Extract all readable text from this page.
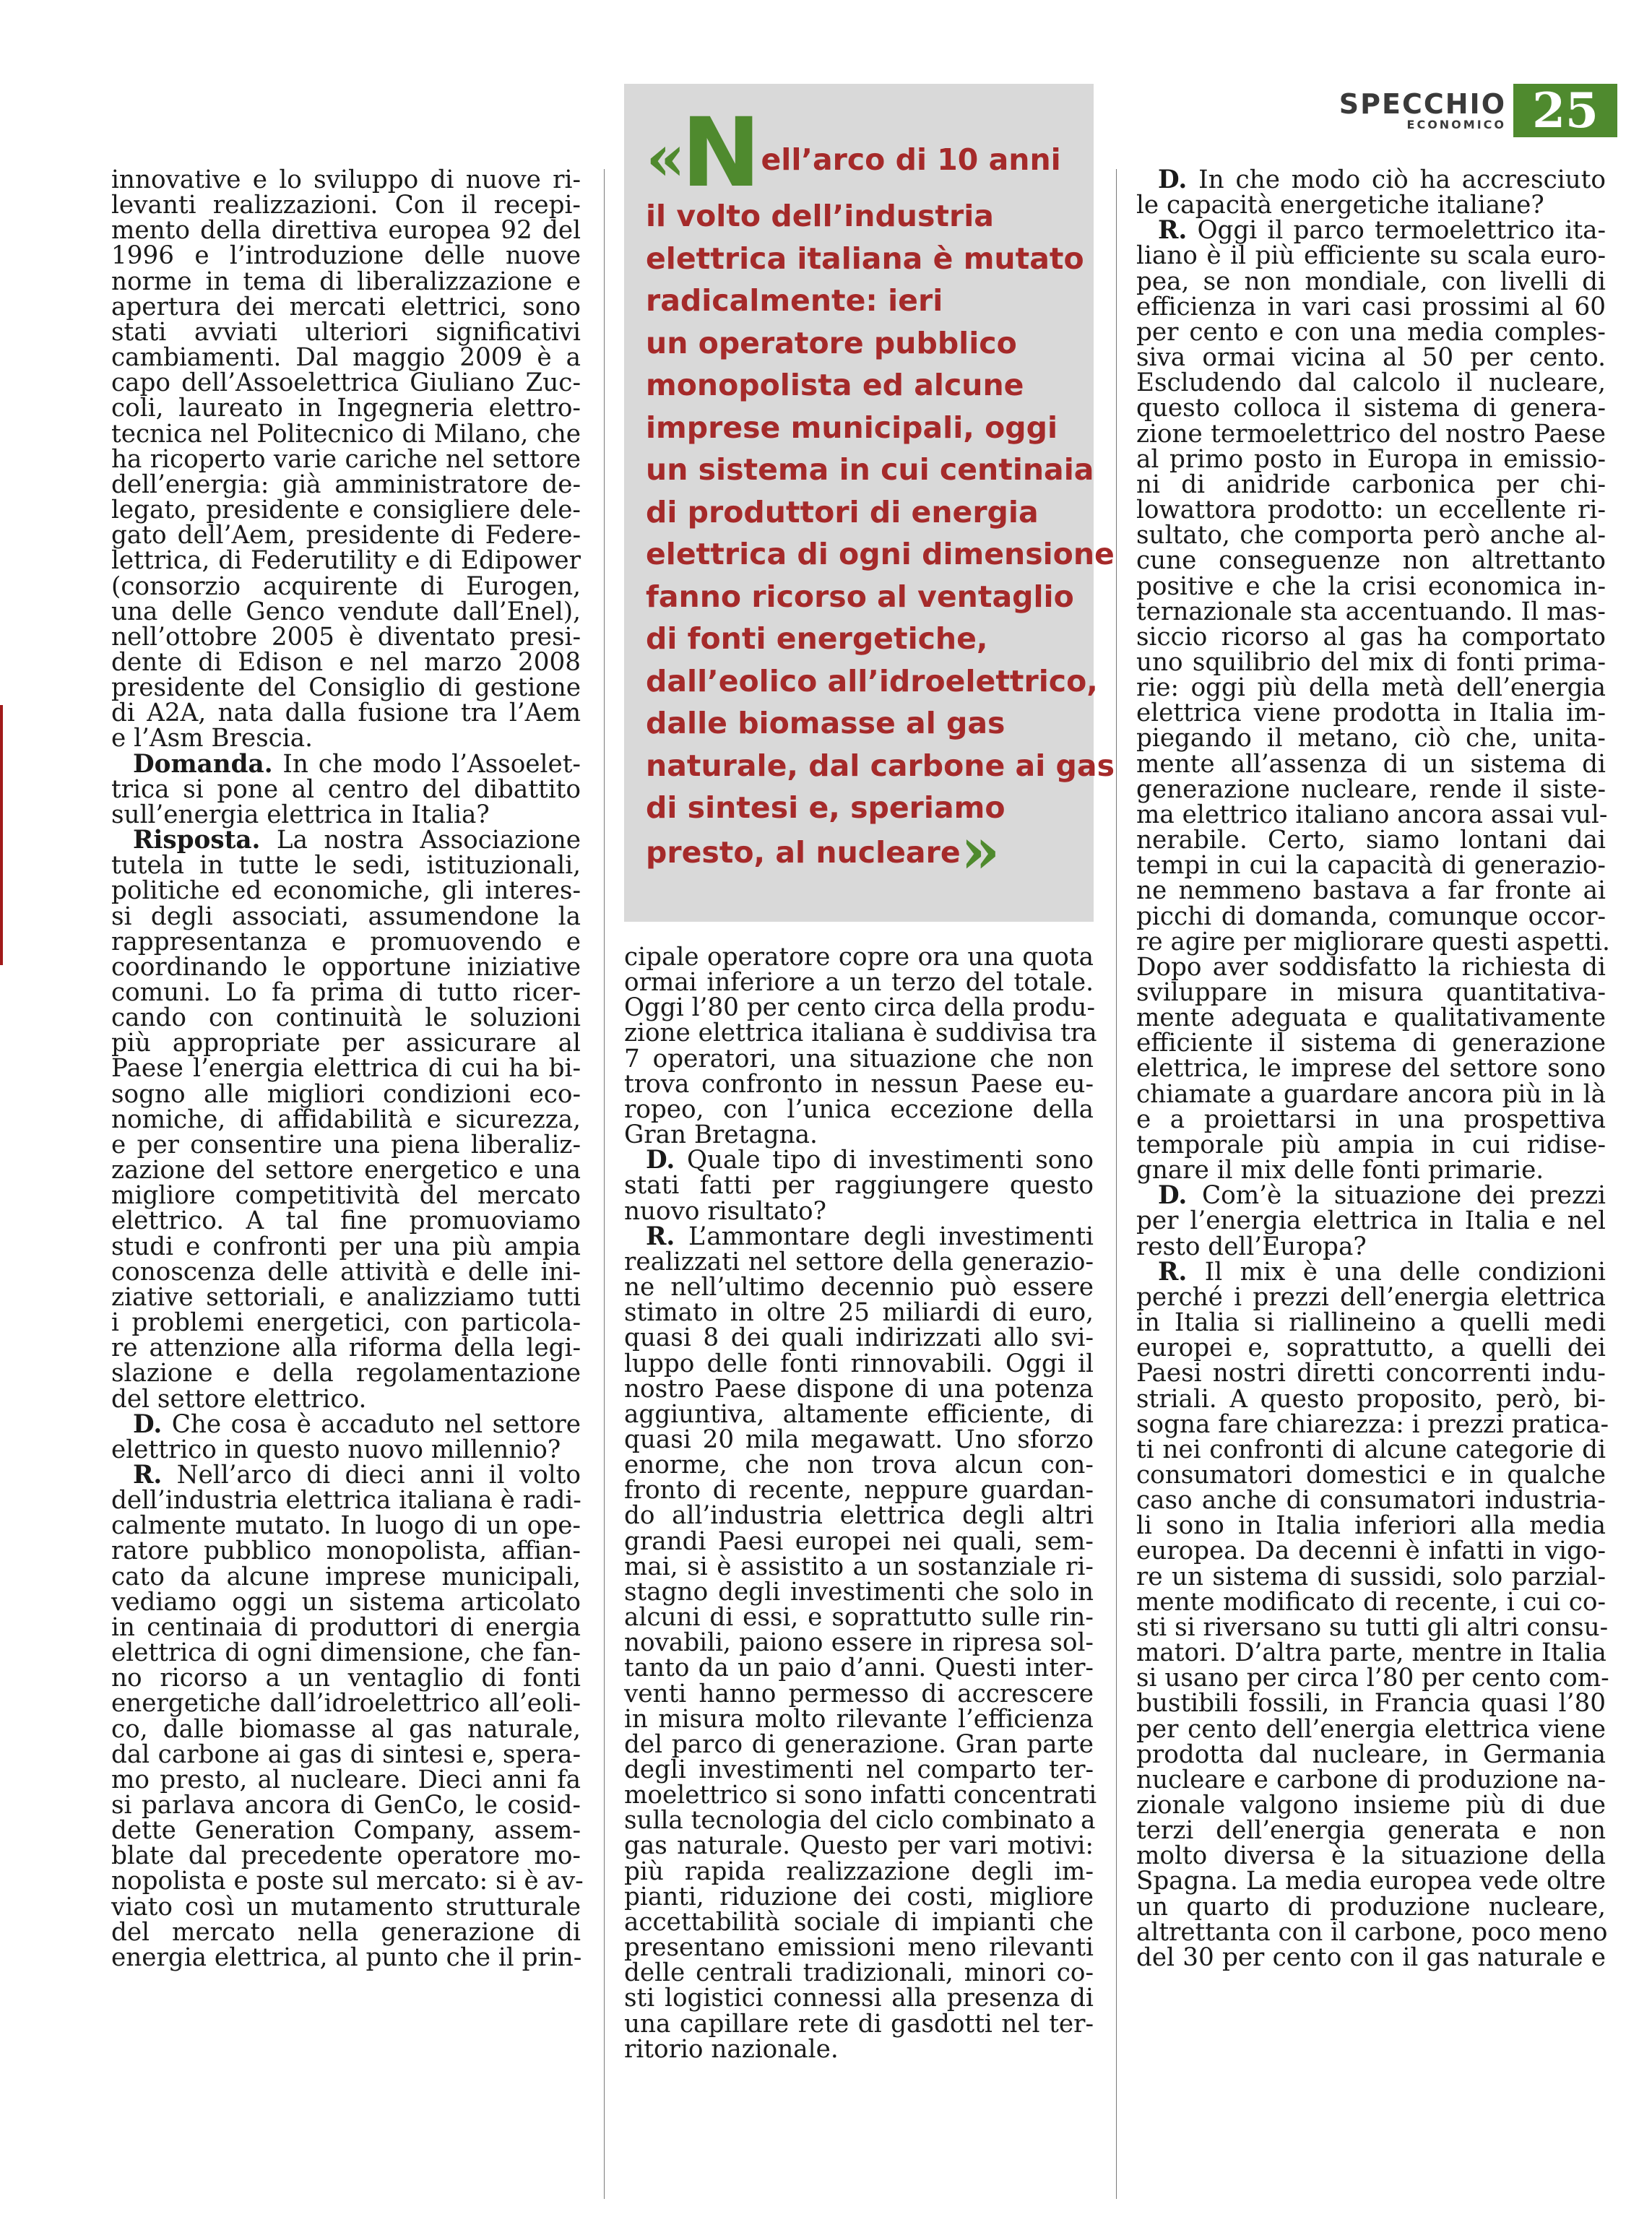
SPECCHIO
ECONOMICO 25
innovative e lo sviluppo di nuove ri-
levanti realizzazioni. Con il recepi-
mento della direttiva europea 92 del
1996 e l’introduzione delle nuove
norme in tema di liberalizzazione e
apertura dei mercati elettrici, sono
stati avviati ulteriori significativi
cambiamenti. Dal maggio 2009 è a
capo dell’Assoelettrica Giuliano Zuc-
coli, laureato in Ingegneria elettro-
tecnica nel Politecnico di Milano, che
ha ricoperto varie cariche nel settore
dell’energia: già amministratore de-
legato, presidente e consigliere dele-
gato dell’Aem, presidente di Federe-
lettrica, di Federutility e di Edipower
(consorzio acquirente di Eurogen,
una delle Genco vendute dall’Enel),
nell’ottobre 2005 è diventato presi-
dente di Edison e nel marzo 2008
presidente del Consiglio di gestione
di A2A, nata dalla fusione tra l’Aem
e l’Asm Brescia.
Domanda. In che modo l’Assoelet-
trica si pone al centro del dibattito
sull’energia elettrica in Italia?
Risposta. La nostra Associazione
tutela in tutte le sedi, istituzionali,
politiche ed economiche, gli interes-
si degli associati, assumendone la
rappresentanza e promuovendo e
coordinando le opportune iniziative
comuni. Lo fa prima di tutto ricer-
cando con continuità le soluzioni
più appropriate per assicurare al
Paese l’energia elettrica di cui ha bi-
sogno alle migliori condizioni eco-
nomiche, di affidabilità e sicurezza,
e per consentire una piena liberaliz-
zazione del settore energetico e una
migliore competitività del mercato
elettrico. A tal fine promuoviamo
studi e confronti per una più ampia
conoscenza delle attività e delle ini-
ziative settoriali, e analizziamo tutti
i problemi energetici, con particola-
re attenzione alla riforma della legi-
slazione e della regolamentazione
del settore elettrico.
D. Che cosa è accaduto nel settore
elettrico in questo nuovo millennio?
R. Nell’arco di dieci anni il volto
dell’industria elettrica italiana è radi-
calmente mutato. In luogo di un ope-
ratore pubblico monopolista, affian-
cato da alcune imprese municipali,
vediamo oggi un sistema articolato
in centinaia di produttori di energia
elettrica di ogni dimensione, che fan-
no ricorso a un ventaglio di fonti
energetiche dall’idroelettrico all’eoli-
co, dalle biomasse al gas naturale,
dal carbone ai gas di sintesi e, spera-
mo presto, al nucleare. Dieci anni fa
si parlava ancora di GenCo, le cosid-
dette Generation Company, assem-
blate dal precedente operatore mo-
nopolista e poste sul mercato: si è av-
viato così un mutamento strutturale
del mercato nella generazione di
energia elettrica, al punto che il prin-
«Nell’arco di 10 anni
il volto dell’industria
elettrica italiana è mutato
radicalmente: ieri
un operatore pubblico
monopolista ed alcune
imprese municipali, oggi
un sistema in cui centinaia
di produttori di energia
elettrica di ogni dimensione
fanno ricorso al ventaglio
di fonti energetiche,
dall’eolico all’idroelettrico,
dalle biomasse al gas
naturale, dal carbone ai gas
di sintesi e, speriamo
presto, al nucleare»
cipale operatore copre ora una quota
ormai inferiore a un terzo del totale.
Oggi l’80 per cento circa della produ-
zione elettrica italiana è suddivisa tra
7 operatori, una situazione che non
trova confronto in nessun Paese eu-
ropeo, con l’unica eccezione della
Gran Bretagna.
D. Quale tipo di investimenti sono
stati fatti per raggiungere questo
nuovo risultato?
R. L’ammontare degli investimenti
realizzati nel settore della generazio-
ne nell’ultimo decennio può essere
stimato in oltre 25 miliardi di euro,
quasi 8 dei quali indirizzati allo svi-
luppo delle fonti rinnovabili. Oggi il
nostro Paese dispone di una potenza
aggiuntiva, altamente efficiente, di
quasi 20 mila megawatt. Uno sforzo
enorme, che non trova alcun con-
fronto di recente, neppure guardan-
do all’industria elettrica degli altri
grandi Paesi europei nei quali, sem-
mai, si è assistito a un sostanziale ri-
stagno degli investimenti che solo in
alcuni di essi, e soprattutto sulle rin-
novabili, paiono essere in ripresa sol-
tanto da un paio d’anni. Questi inter-
venti hanno permesso di accrescere
in misura molto rilevante l’efficienza
del parco di generazione. Gran parte
degli investimenti nel comparto ter-
moelettrico si sono infatti concentrati
sulla tecnologia del ciclo combinato a
gas naturale. Questo per vari motivi:
più rapida realizzazione degli im-
pianti, riduzione dei costi, migliore
accettabilità sociale di impianti che
presentano emissioni meno rilevanti
delle centrali tradizionali, minori co-
sti logistici connessi alla presenza di
una capillare rete di gasdotti nel ter-
ritorio nazionale.
D. In che modo ciò ha accresciuto
le capacità energetiche italiane?
R. Oggi il parco termoelettrico ita-
liano è il più efficiente su scala euro-
pea, se non mondiale, con livelli di
efficienza in vari casi prossimi al 60
per cento e con una media comples-
siva ormai vicina al 50 per cento.
Escludendo dal calcolo il nucleare,
questo colloca il sistema di genera-
zione termoelettrico del nostro Paese
al primo posto in Europa in emissio-
ni di anidride carbonica per chi-
lowattora prodotto: un eccellente ri-
sultato, che comporta però anche al-
cune conseguenze non altrettanto
positive e che la crisi economica in-
ternazionale sta accentuando. Il mas-
siccio ricorso al gas ha comportato
uno squilibrio del mix di fonti prima-
rie: oggi più della metà dell’energia
elettrica viene prodotta in Italia im-
piegando il metano, ciò che, unita-
mente all’assenza di un sistema di
generazione nucleare, rende il siste-
ma elettrico italiano ancora assai vul-
nerabile. Certo, siamo lontani dai
tempi in cui la capacità di generazio-
ne nemmeno bastava a far fronte ai
picchi di domanda, comunque occor-
re agire per migliorare questi aspetti.
Dopo aver soddisfatto la richiesta di
sviluppare in misura quantitativa-
mente adeguata e qualitativamente
efficiente il sistema di generazione
elettrica, le imprese del settore sono
chiamate a guardare ancora più in là
e a proiettarsi in una prospettiva
temporale più ampia in cui ridise-
gnare il mix delle fonti primarie.
D. Com’è la situazione dei prezzi
per l’energia elettrica in Italia e nel
resto dell’Europa?
R. Il mix è una delle condizioni
perché i prezzi dell’energia elettrica
in Italia si riallineino a quelli medi
europei e, soprattutto, a quelli dei
Paesi nostri diretti concorrenti indu-
striali. A questo proposito, però, bi-
sogna fare chiarezza: i prezzi pratica-
ti nei confronti di alcune categorie di
consumatori domestici e in qualche
caso anche di consumatori industria-
li sono in Italia inferiori alla media
europea. Da decenni è infatti in vigo-
re un sistema di sussidi, solo parzial-
mente modificato di recente, i cui co-
sti si riversano su tutti gli altri consu-
matori. D’altra parte, mentre in Italia
si usano per circa l’80 per cento com-
bustibili fossili, in Francia quasi l’80
per cento dell’energia elettrica viene
prodotta dal nucleare, in Germania
nucleare e carbone di produzione na-
zionale valgono insieme più di due
terzi dell’energia generata e non
molto diversa è la situazione della
Spagna. La media europea vede oltre
un quarto di produzione nucleare,
altrettanta con il carbone, poco meno
del 30 per cento con il gas naturale e
